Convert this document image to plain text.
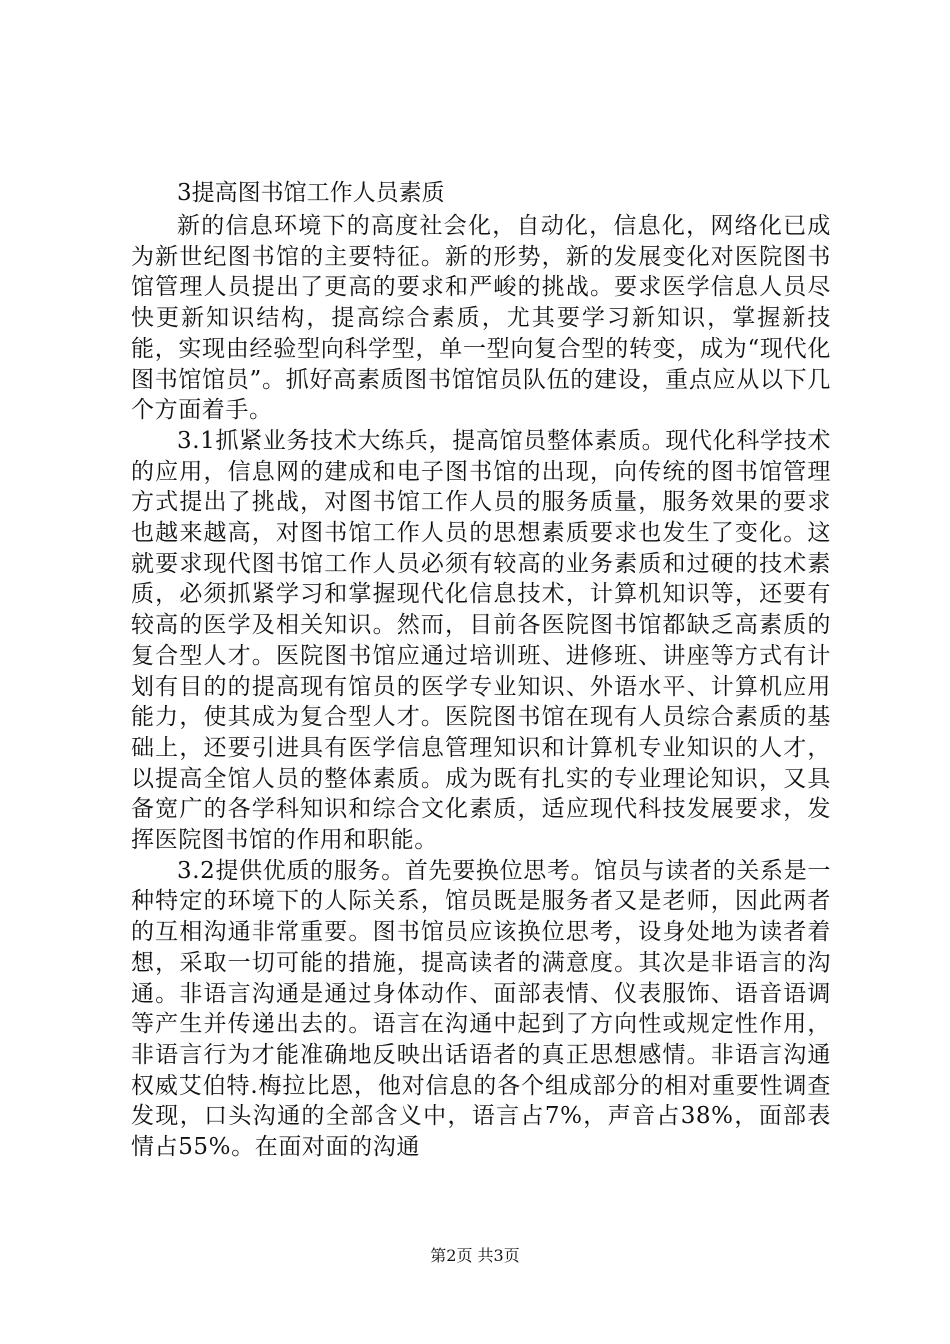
3提高图书馆工作人员素质

新的信息环境下的高度社会化，自动化，信息化，网络化已成为新世纪图书馆的主要特征。新的形势，新的发展变化对医院图书馆管理人员提出了更高的要求和严峻的挑战。要求医学信息人员尽快更新知识结构，提高综合素质，尤其要学习新知识，掌握新技能，实现由经验型向科学型，单一型向复合型的转变，成为“现代化图书馆馆员”。抓好高素质图书馆馆员队伍的建设，重点应从以下几个方面着手。

3.1抓紧业务技术大练兵，提高馆员整体素质。现代化科学技术的应用，信息网的建成和电子图书馆的出现，向传统的图书馆管理方式提出了挑战，对图书馆工作人员的服务质量，服务效果的要求也越来越高，对图书馆工作人员的思想素质要求也发生了变化。这就要求现代图书馆工作人员必须有较高的业务素质和过硬的技术素质，必须抓紧学习和掌握现代化信息技术，计算机知识等，还要有较高的医学及相关知识。然而，目前各医院图书馆都缺乏高素质的复合型人才。医院图书馆应通过培训班、进修班、讲座等方式有计划有目的的提高现有馆员的医学专业知识、外语水平、计算机应用能力，使其成为复合型人才。医院图书馆在现有人员综合素质的基础上，还要引进具有医学信息管理知识和计算机专业知识的人才，以提高全馆人员的整体素质。成为既有扎实的专业理论知识，又具备宽广的各学科知识和综合文化素质，适应现代科技发展要求，发挥医院图书馆的作用和职能。

3.2提供优质的服务。首先要换位思考。馆员与读者的关系是一种特定的环境下的人际关系，馆员既是服务者又是老师，因此两者的互相沟通非常重要。图书馆员应该换位思考，设身处地为读者着想，采取一切可能的措施，提高读者的满意度。其次是非语言的沟通。非语言沟通是通过身体动作、面部表情、仪表服饰、语音语调等产生并传递出去的。语言在沟通中起到了方向性或规定性作用，非语言行为才能准确地反映出话语者的真正思想感情。非语言沟通权威艾伯特.梅拉比恩，他对信息的各个组成部分的相对重要性调查发现，口头沟通的全部含义中，语言占7%，声音占38%，面部表情占55%。在面对面的沟通

第2页 共3页
